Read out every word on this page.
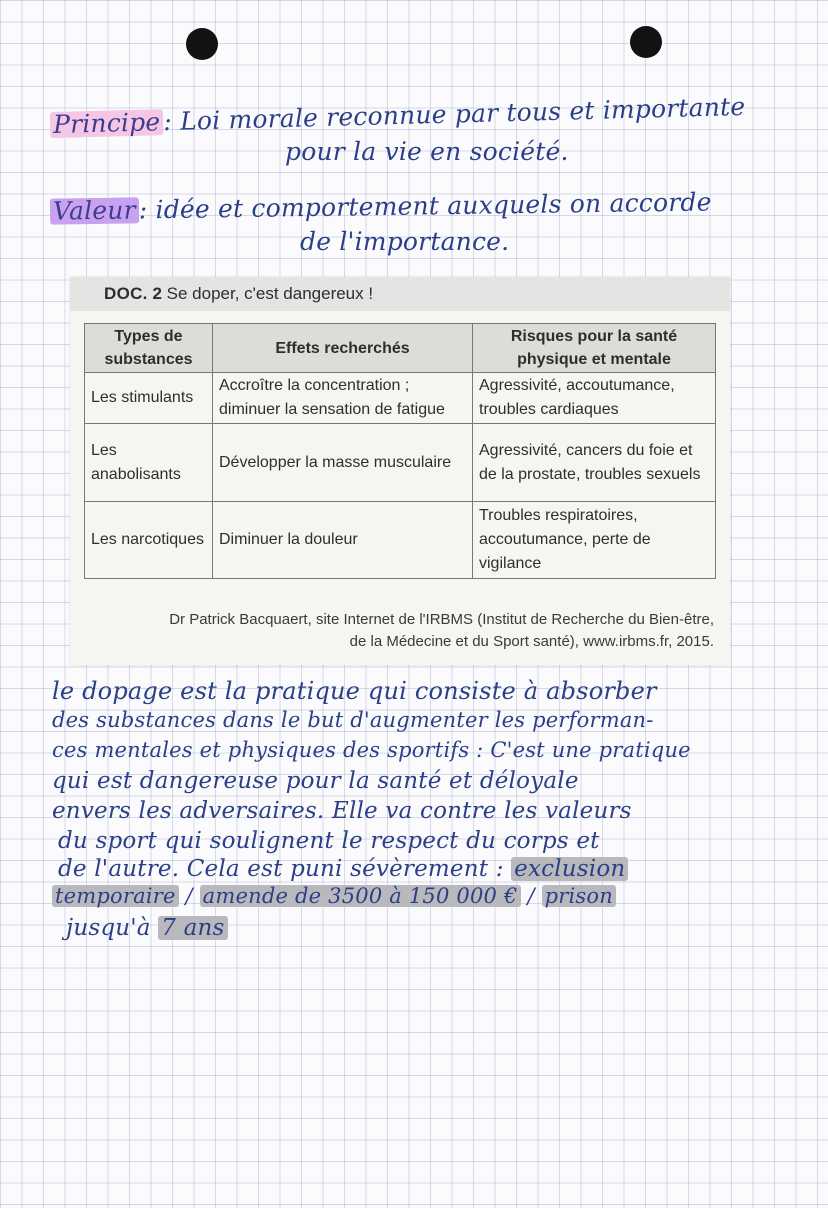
Principe: Loi morale reconnue par tous et importante
pour la vie en société.
Valeur : idée et comportement auxquels on accorde
de l'importance.
DOC. 2 Se doper, c'est dangereux !
Types de substances	Effets recherchés	Risques pour la santé physique et mentale
Les stimulants	Accroître la concentration ; diminuer la sensation de fatigue	Agressivité, accoutumance, troubles cardiaques
Les anabolisants	Développer la masse musculaire	Agressivité, cancers du foie et de la prostate, troubles sexuels
Les narcotiques	Diminuer la douleur	Troubles respiratoires, accoutumance, perte de vigilance
Dr Patrick Bacquaert, site Internet de l'IRBMS (Institut de Recherche du Bien-être,
de la Médecine et du Sport santé), www.irbms.fr, 2015.
le dopage est la pratique qui consiste à absorber
des substances dans le but d'augmenter les performan-
ces mentales et physiques des sportifs : C'est une pratique
qui est dangereuse pour la santé et déloyale
envers les adversaires. Elle va contre les valeurs
du sport qui soulignent le respect du corps et
de l'autre. Cela est puni sévèrement : exclusion
temporaire / amende de 3500 à 150 000 € / prison
jusqu'à 7 ans
